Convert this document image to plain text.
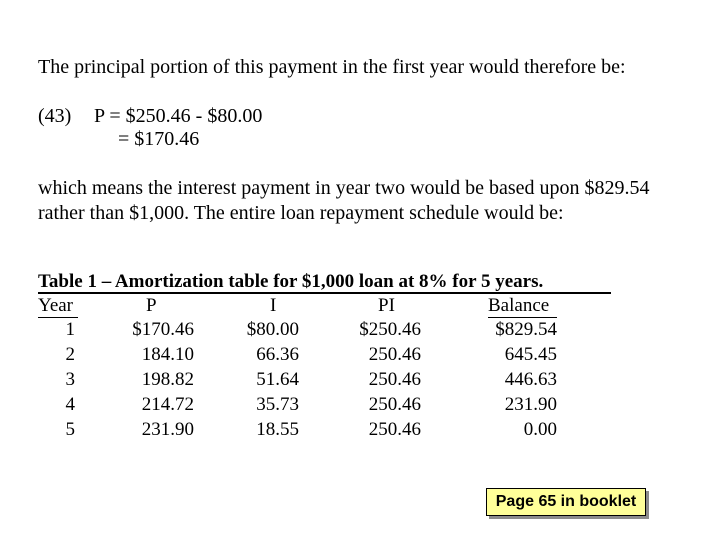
The principal portion of this payment in the first year would therefore be:
(43) P = $250.46 - $80.00
= $170.46
which means the interest payment in year two would be based upon $829.54
rather than $1,000. The entire loan repayment schedule would be:
Table 1 – Amortization table for $1,000 loan at 8% for 5 years.
Year	P	I	PI	Balance
1	$170.46	$80.00	$250.46	$829.54
2	184.10	66.36	250.46	645.45
3	198.82	51.64	250.46	446.63
4	214.72	35.73	250.46	231.90
5	231.90	18.55	250.46	0.00
Page 65 in booklet
